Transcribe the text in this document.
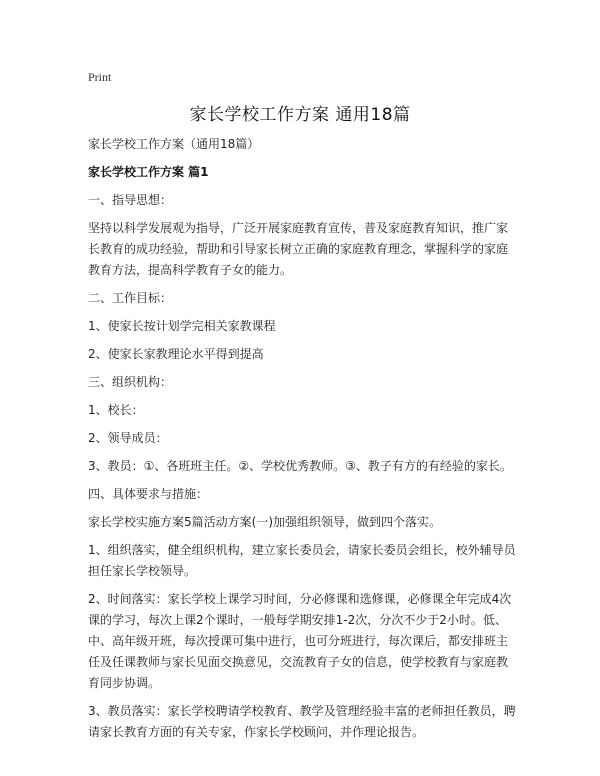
Print
家长学校工作方案 通用18篇

家长学校工作方案（通用18篇）

家长学校工作方案 篇1

一、指导思想：

坚持以科学发展观为指导，广泛开展家庭教育宣传，普及家庭教育知识，推广家长教育的成功经验，帮助和引导家长树立正确的家庭教育理念，掌握科学的家庭教育方法，提高科学教育子女的能力。

二、工作目标：

1、使家长按计划学完相关家教课程

2、使家长家教理论水平得到提高

三、组织机构：

1、校长：

2、领导成员：

3、教员：①、各班班主任。②、学校优秀教师。③、教子有方的有经验的家长。

四、具体要求与措施：

家长学校实施方案5篇活动方案(一)加强组织领导，做到四个落实。

1、组织落实，健全组织机构，建立家长委员会，请家长委员会组长，校外辅导员担任家长学校领导。

2、时间落实：家长学校上课学习时间，分必修课和选修课，必修课全年完成4次课的学习，每次上课2个课时，一般每学期安排1-2次，分次不少于2小时。低、中、高年级开班，每次授课可集中进行，也可分班进行，每次课后，都安排班主任及任课教师与家长见面交换意见，交流教育子女的信息，使学校教育与家庭教育同步协调。

3、教员落实：家长学校聘请学校教育、教学及管理经验丰富的老师担任教员，聘请家长教育方面的有关专家，作家长学校顾问，并作理论报告。
